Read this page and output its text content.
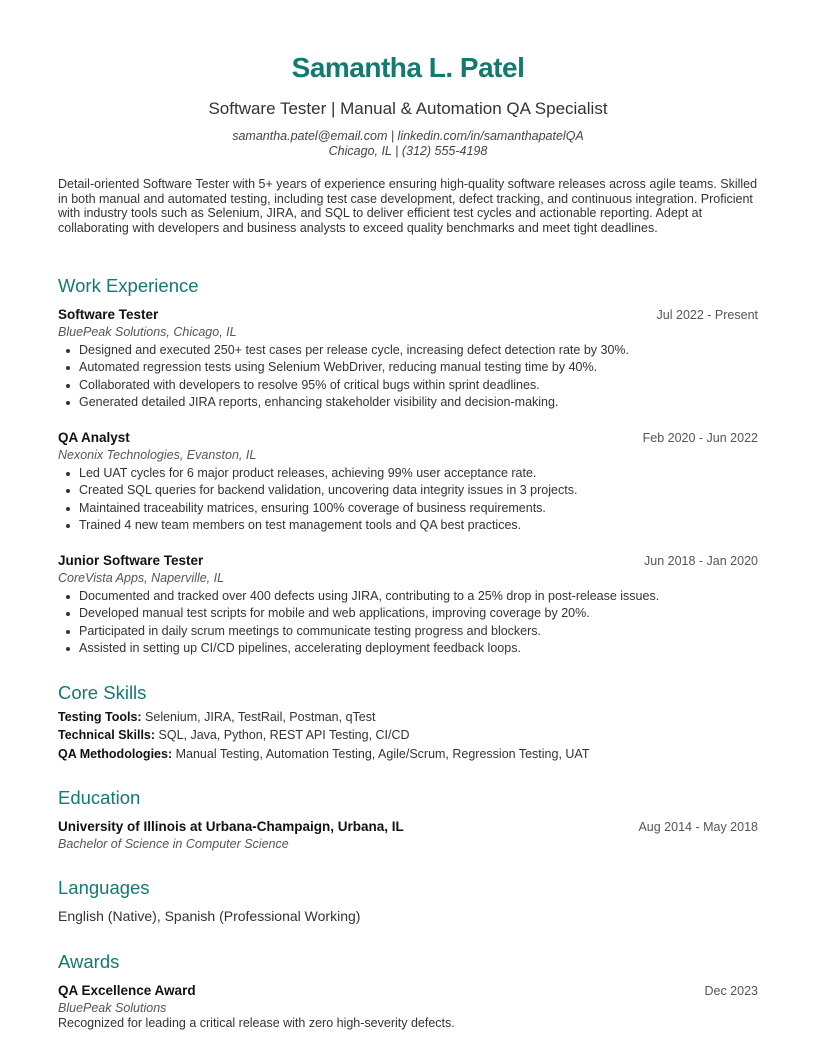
Samantha L. Patel
Software Tester | Manual & Automation QA Specialist
samantha.patel@email.com | linkedin.com/in/samanthapatelQA
Chicago, IL | (312) 555-4198
Detail-oriented Software Tester with 5+ years of experience ensuring high-quality software releases across agile teams. Skilled in both manual and automated testing, including test case development, defect tracking, and continuous integration. Proficient with industry tools such as Selenium, JIRA, and SQL to deliver efficient test cycles and actionable reporting. Adept at collaborating with developers and business analysts to exceed quality benchmarks and meet tight deadlines.
Work Experience
Software Tester	Jul 2022 - Present
BluePeak Solutions, Chicago, IL
Designed and executed 250+ test cases per release cycle, increasing defect detection rate by 30%.
Automated regression tests using Selenium WebDriver, reducing manual testing time by 40%.
Collaborated with developers to resolve 95% of critical bugs within sprint deadlines.
Generated detailed JIRA reports, enhancing stakeholder visibility and decision-making.
QA Analyst	Feb 2020 - Jun 2022
Nexonix Technologies, Evanston, IL
Led UAT cycles for 6 major product releases, achieving 99% user acceptance rate.
Created SQL queries for backend validation, uncovering data integrity issues in 3 projects.
Maintained traceability matrices, ensuring 100% coverage of business requirements.
Trained 4 new team members on test management tools and QA best practices.
Junior Software Tester	Jun 2018 - Jan 2020
CoreVista Apps, Naperville, IL
Documented and tracked over 400 defects using JIRA, contributing to a 25% drop in post-release issues.
Developed manual test scripts for mobile and web applications, improving coverage by 20%.
Participated in daily scrum meetings to communicate testing progress and blockers.
Assisted in setting up CI/CD pipelines, accelerating deployment feedback loops.
Core Skills
Testing Tools: Selenium, JIRA, TestRail, Postman, qTest
Technical Skills: SQL, Java, Python, REST API Testing, CI/CD
QA Methodologies: Manual Testing, Automation Testing, Agile/Scrum, Regression Testing, UAT
Education
University of Illinois at Urbana-Champaign, Urbana, IL	Aug 2014 - May 2018
Bachelor of Science in Computer Science
Languages
English (Native), Spanish (Professional Working)
Awards
QA Excellence Award	Dec 2023
BluePeak Solutions
Recognized for leading a critical release with zero high-severity defects.
